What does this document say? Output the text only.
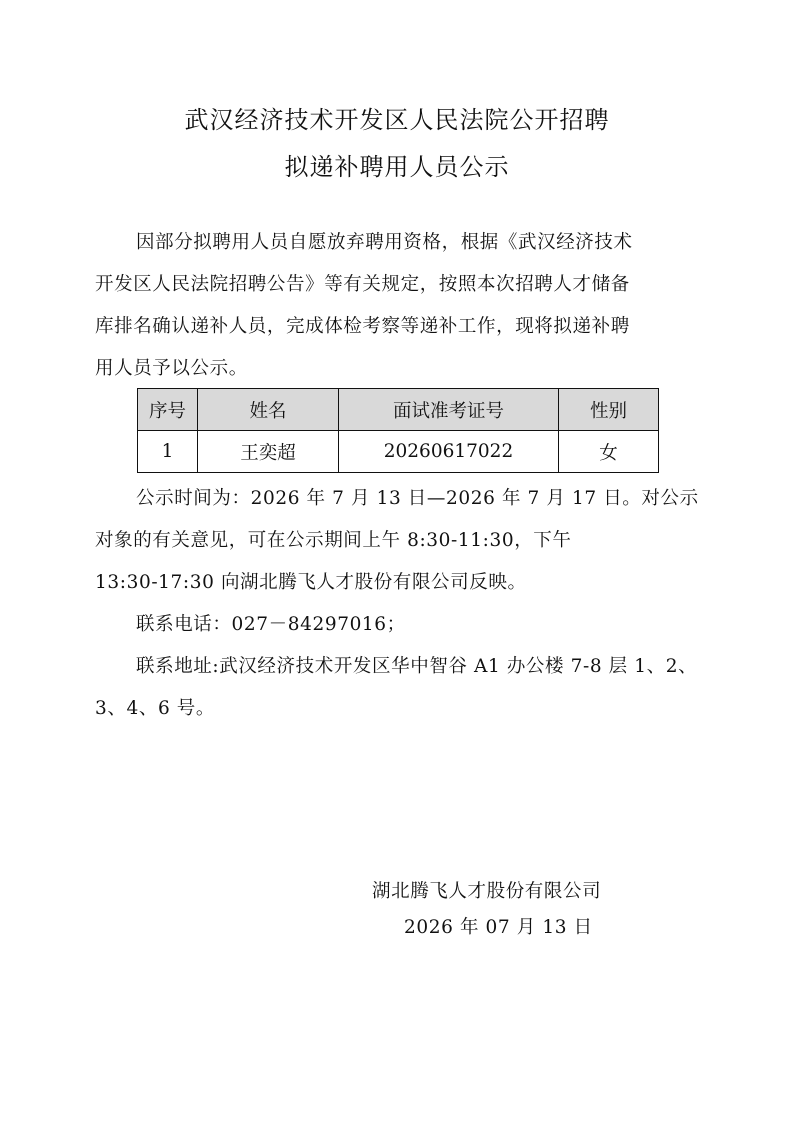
武汉经济技术开发区人民法院公开招聘
拟递补聘用人员公示

因部分拟聘用人员自愿放弃聘用资格，根据《武汉经济技术

开发区人民法院招聘公告》等有关规定，按照本次招聘人才储备

库排名确认递补人员，完成体检考察等递补工作，现将拟递补聘

用人员予以公示。

序号	姓名	面试准考证号	性别
1	王奕超	20260617022	女

公示时间为：2026 年 7 月 13 日—2026 年 7 月 17 日。对公示

对象的有关意见，可在公示期间上午 8:30-11:30，下午

13:30-17:30 向湖北腾飞人才股份有限公司反映。

联系电话：027－84297016；

联系地址:武汉经济技术开发区华中智谷 A1 办公楼 7-8 层 1、2、

3、4、6 号。

湖北腾飞人才股份有限公司

2026 年 07 月 13 日
